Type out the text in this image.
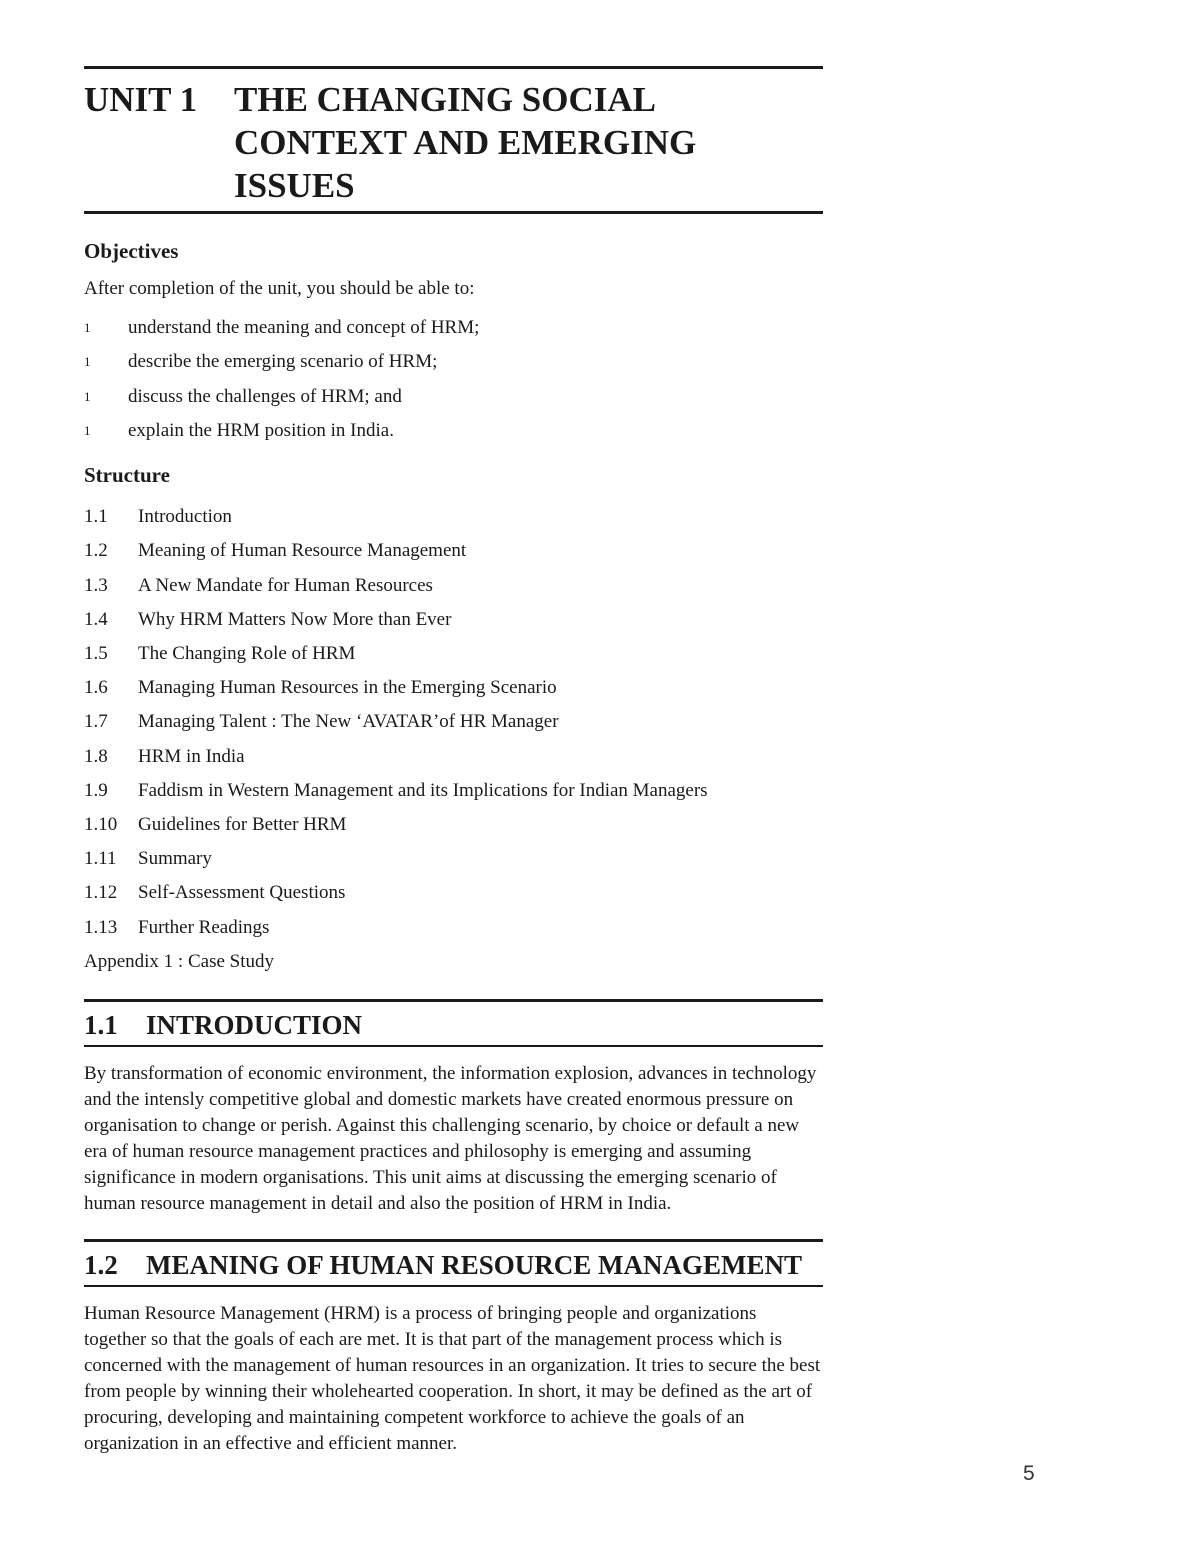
UNIT 1	THE CHANGING SOCIAL CONTEXT AND EMERGING ISSUES
Objectives
After completion of the unit, you should be able to:
1	understand the meaning and concept of HRM;
1	describe the emerging scenario of HRM;
1	discuss the challenges of HRM; and
1	explain the HRM position in India.
Structure
1.1	Introduction
1.2	Meaning of Human Resource Management
1.3	A New Mandate for Human Resources
1.4	Why HRM Matters Now More than Ever
1.5	The Changing Role of HRM
1.6	Managing Human Resources in the Emerging Scenario
1.7	Managing Talent : The New ‘AVATAR’of HR Manager
1.8	HRM in India
1.9	Faddism in Western Management and its Implications for Indian Managers
1.10	Guidelines for Better HRM
1.11	Summary
1.12	Self-Assessment Questions
1.13	Further Readings
Appendix 1 : Case Study
1.1	INTRODUCTION
By transformation of economic environment, the information explosion, advances in technology and the intensly competitive global and domestic markets have created enormous pressure on organisation to change or perish. Against this challenging scenario, by choice or default a new era of human resource management practices and philosophy is emerging and assuming significance in modern organisations. This unit aims at discussing the emerging scenario of human resource management in detail and also the position of HRM in India.
1.2	MEANING OF HUMAN RESOURCE MANAGEMENT
Human Resource Management (HRM) is a process of bringing people and organizations together so that the goals of each are met. It is that part of the management process which is concerned with the management of human resources in an organization. It tries to secure the best from people by winning their wholehearted cooperation. In short, it may be defined as the art of procuring, developing and maintaining competent workforce to achieve the goals of an organization in an effective and efficient manner.
5
